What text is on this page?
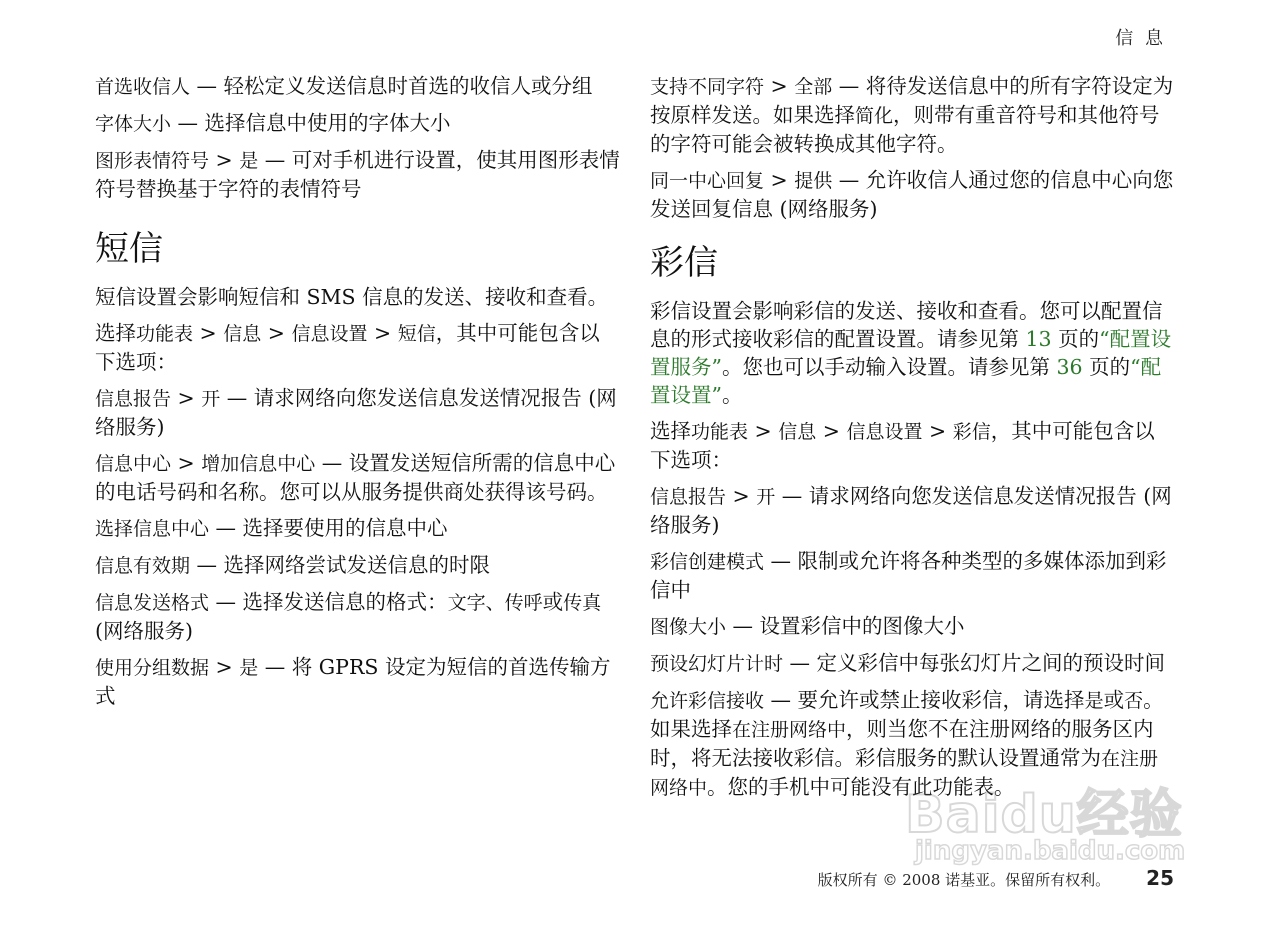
信 息

首选收信人 — 轻松定义发送信息时首选的收信人或分组

字体大小 — 选择信息中使用的字体大小

图形表情符号 > 是 — 可对手机进行设置，使其用图形表情符号替换基于字符的表情符号

短信

短信设置会影响短信和 SMS 信息的发送、接收和查看。

选择功能表 > 信息 > 信息设置 > 短信，其中可能包含以下选项：

信息报告 > 开 — 请求网络向您发送信息发送情况报告 (网络服务)

信息中心 > 增加信息中心 — 设置发送短信所需的信息中心的电话号码和名称。您可以从服务提供商处获得该号码。

选择信息中心 — 选择要使用的信息中心

信息有效期 — 选择网络尝试发送信息的时限

信息发送格式 — 选择发送信息的格式：文字、传呼或传真 (网络服务)

使用分组数据 > 是 — 将 GPRS 设定为短信的首选传输方式

支持不同字符 > 全部 — 将待发送信息中的所有字符设定为按原样发送。如果选择简化，则带有重音符号和其他符号的字符可能会被转换成其他字符。

同一中心回复 > 提供 — 允许收信人通过您的信息中心向您发送回复信息 (网络服务)

彩信

彩信设置会影响彩信的发送、接收和查看。您可以配置信息的形式接收彩信的配置设置。请参见第 13 页的“配置设置服务”。您也可以手动输入设置。请参见第 36 页的“配置设置”。

选择功能表 > 信息 > 信息设置 > 彩信，其中可能包含以下选项：

信息报告 > 开 — 请求网络向您发送信息发送情况报告 (网络服务)

彩信创建模式 — 限制或允许将各种类型的多媒体添加到彩信中

图像大小 — 设置彩信中的图像大小

预设幻灯片计时 — 定义彩信中每张幻灯片之间的预设时间

允许彩信接收 — 要允许或禁止接收彩信，请选择是或否。如果选择在注册网络中，则当您不在注册网络的服务区内时，将无法接收彩信。彩信服务的默认设置通常为在注册网络中。您的手机中可能没有此功能表。

Baidu经验
jingyan.baidu.com
版权所有 © 2008 诺基亚。保留所有权利。 25
